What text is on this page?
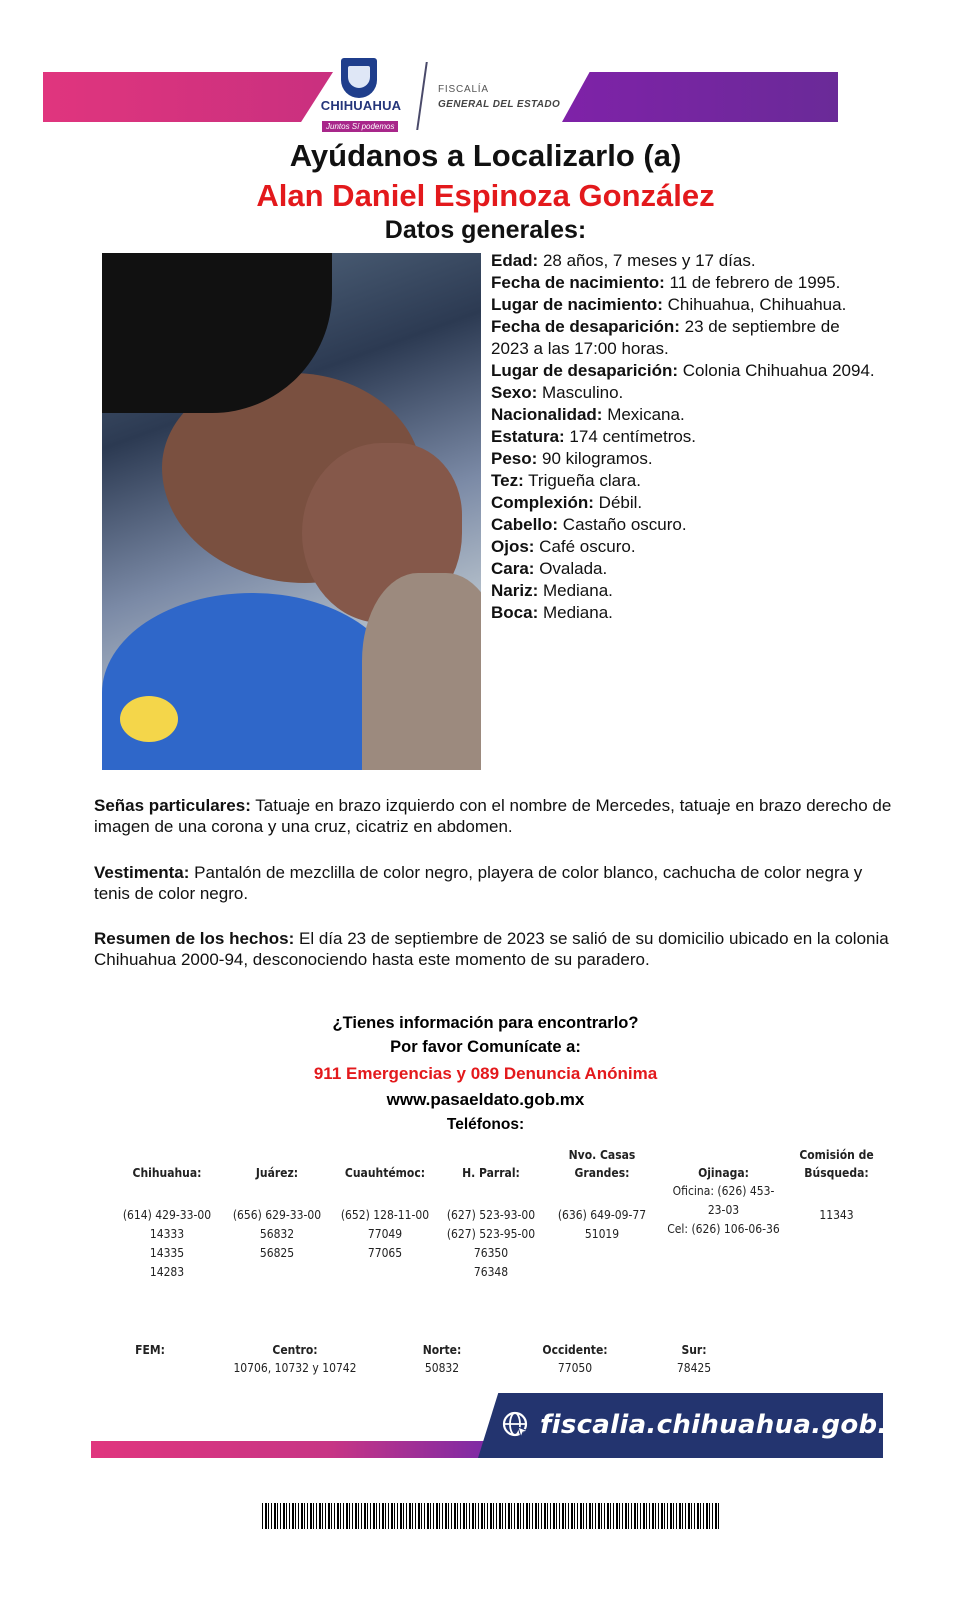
CHIHUAHUA
Juntos Sí podemos
FISCALÍA
GENERAL DEL ESTADO
Ayúdanos a Localizarlo (a)
Alan Daniel Espinoza González
Datos generales:

Edad: 28 años, 7 meses y 17 días.

Fecha de nacimiento: 11 de febrero de 1995.

Lugar de nacimiento: Chihuahua, Chihuahua.

Fecha de desaparición: 23 de septiembre de 2023 a las 17:00 horas.

Lugar de desaparición: Colonia Chihuahua 2094.

Sexo: Masculino.

Nacionalidad: Mexicana.

Estatura: 174 centímetros.

Peso: 90 kilogramos.

Tez: Trigueña clara.

Complexión: Débil.

Cabello: Castaño oscuro.

Ojos: Café oscuro.

Cara: Ovalada.

Nariz: Mediana.

Boca: Mediana.

Señas particulares: Tatuaje en brazo izquierdo con el nombre de Mercedes, tatuaje en brazo derecho de imagen de una corona y una cruz, cicatriz en abdomen.

Vestimenta: Pantalón de mezclilla de color negro, playera de color blanco, cachucha de color negra y tenis de color negro.

Resumen de los hechos: El día 23 de septiembre de 2023 se salió de su domicilio ubicado en la colonia Chihuahua 2000-94, desconociendo hasta este momento de su paradero.

¿Tienes información para encontrarlo?
Por favor Comunícate a:
911 Emergencias y 089 Denuncia Anónima
www.pasaeldato.gob.mx
Teléfonos:
Chihuahua:
(614) 429-33-00
14333
14335
14283
Juárez:
(656) 629-33-00
56832
56825
Cuauhtémoc:
(652) 128-11-00
77049
77065
H. Parral:
(627) 523-93-00
(627) 523-95-00
76350
76348
Nvo. Casas
Grandes:
(636) 649-09-77
51019
Ojinaga:
Oficina: (626) 453-
23-03
Cel: (626) 106-06-36
Comisión de
Búsqueda:
11343
FEM:	Centro:
10706, 10732 y 10742
Norte:
50832
Occidente:
77050
Sur:
78425
fiscalia.chihuahua.gob.mx
